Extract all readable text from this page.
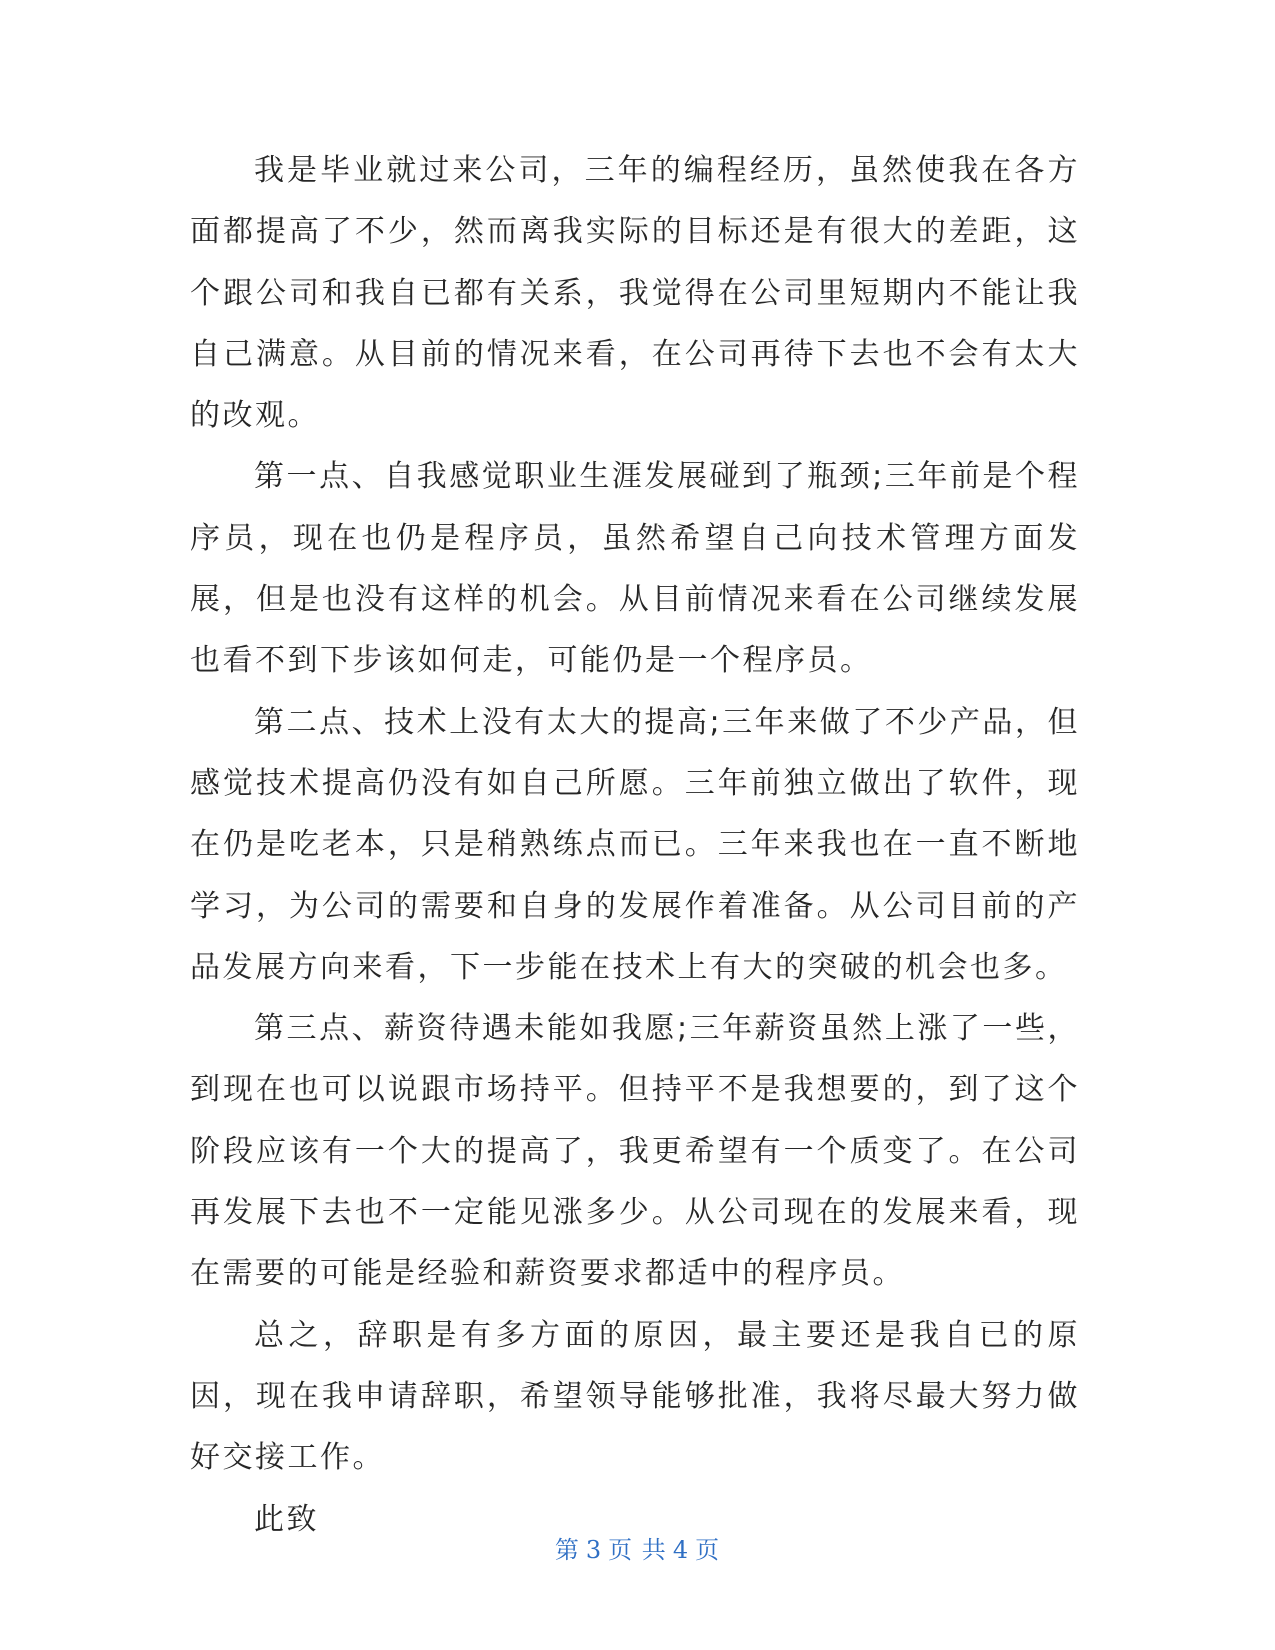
我是毕业就过来公司，三年的编程经历，虽然使我在各方面都提高了不少，然而离我实际的目标还是有很大的差距，这个跟公司和我自已都有关系，我觉得在公司里短期内不能让我自己满意。从目前的情况来看，在公司再待下去也不会有太大的改观。

第一点、自我感觉职业生涯发展碰到了瓶颈;三年前是个程序员，现在也仍是程序员，虽然希望自己向技术管理方面发展，但是也没有这样的机会。从目前情况来看在公司继续发展也看不到下步该如何走，可能仍是一个程序员。

第二点、技术上没有太大的提高;三年来做了不少产品，但感觉技术提高仍没有如自己所愿。三年前独立做出了软件，现在仍是吃老本，只是稍熟练点而已。三年来我也在一直不断地学习，为公司的需要和自身的发展作着准备。从公司目前的产品发展方向来看，下一步能在技术上有大的突破的机会也多。

第三点、薪资待遇未能如我愿;三年薪资虽然上涨了一些，到现在也可以说跟市场持平。但持平不是我想要的，到了这个阶段应该有一个大的提高了，我更希望有一个质变了。在公司再发展下去也不一定能见涨多少。从公司现在的发展来看，现在需要的可能是经验和薪资要求都适中的程序员。

总之，辞职是有多方面的原因，最主要还是我自已的原因，现在我申请辞职，希望领导能够批准，我将尽最大努力做好交接工作。

此致

第 3 页 共 4 页
